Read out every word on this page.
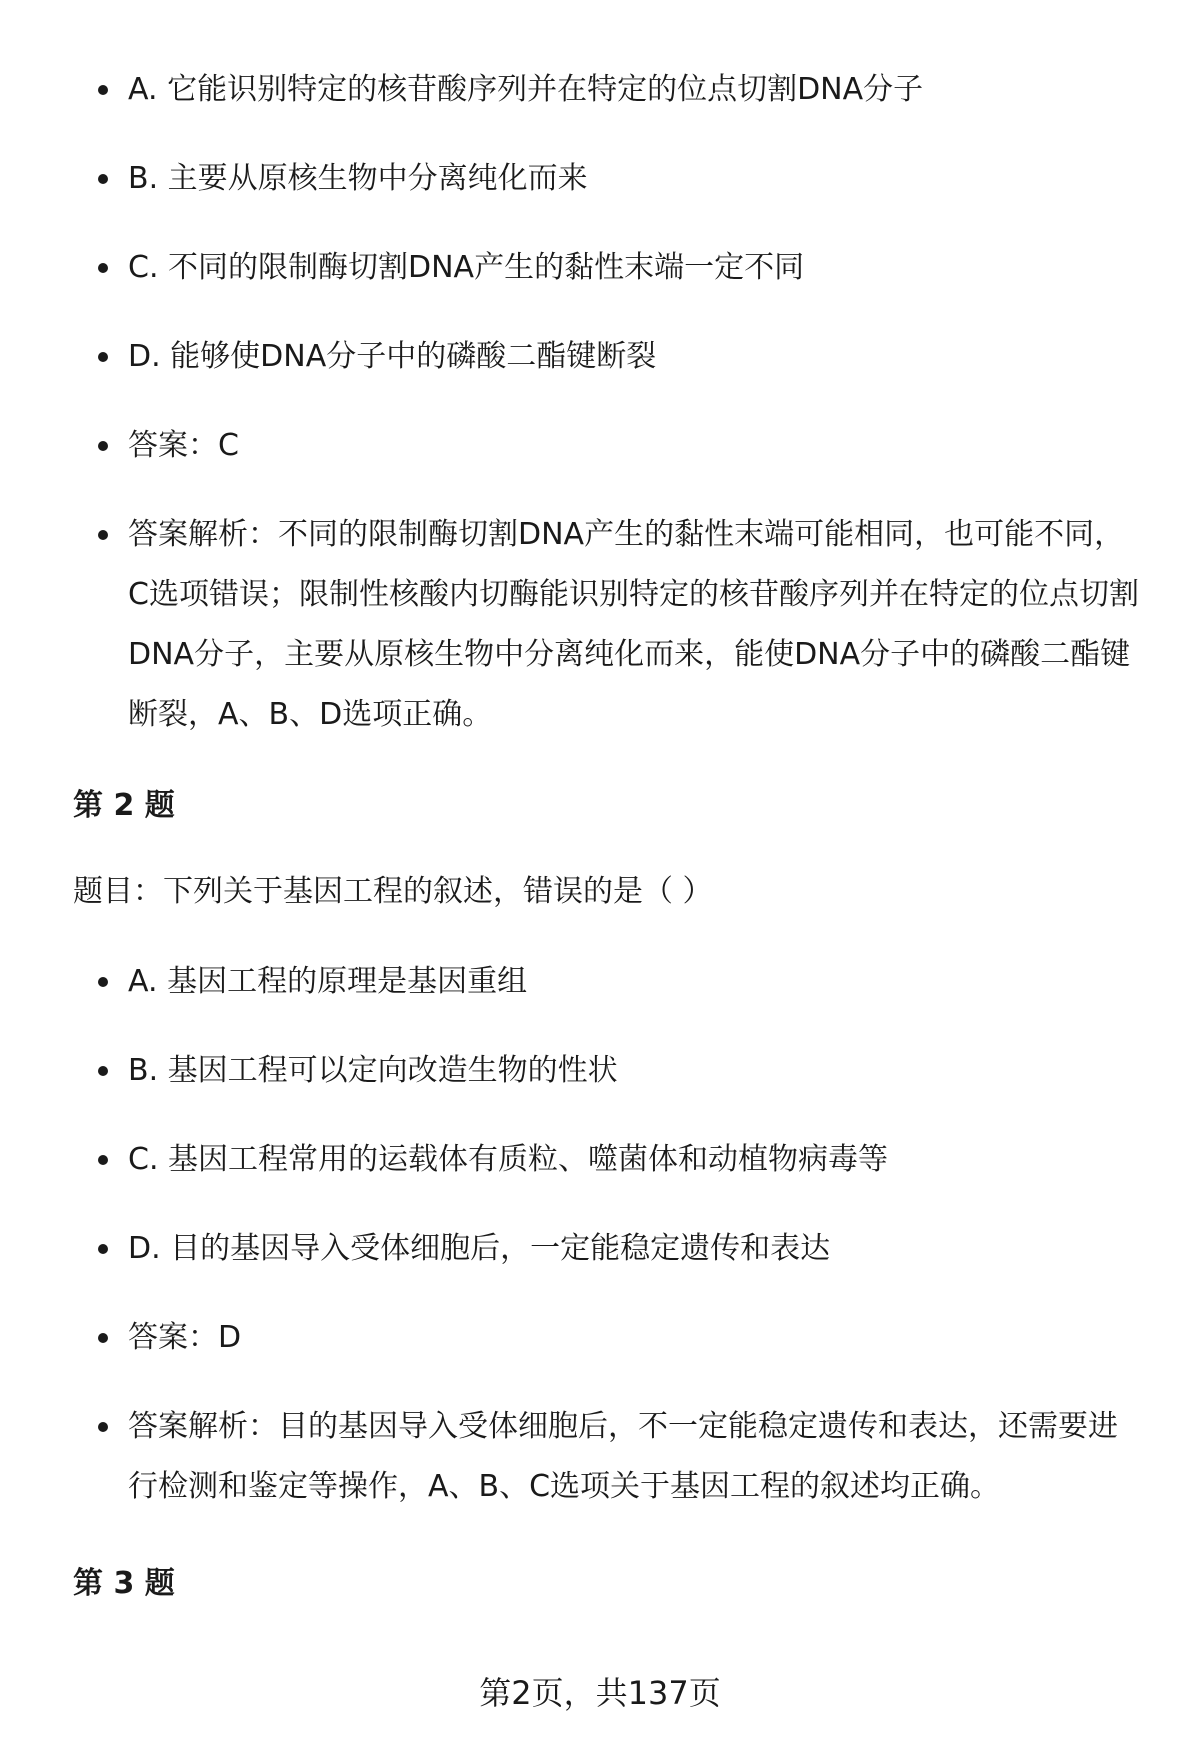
A. 它能识别特定的核苷酸序列并在特定的位点切割DNA分子
B. 主要从原核生物中分离纯化而来
C. 不同的限制酶切割DNA产生的黏性末端一定不同
D. 能够使DNA分子中的磷酸二酯键断裂
答案：C
答案解析：不同的限制酶切割DNA产生的黏性末端可能相同，也可能不同，C选项错误；限制性核酸内切酶能识别特定的核苷酸序列并在特定的位点切割DNA分子，主要从原核生物中分离纯化而来，能使DNA分子中的磷酸二酯键断裂，A、B、D选项正确。
第 2 题
题目：下列关于基因工程的叙述，错误的是（ ）
A. 基因工程的原理是基因重组
B. 基因工程可以定向改造生物的性状
C. 基因工程常用的运载体有质粒、噬菌体和动植物病毒等
D. 目的基因导入受体细胞后，一定能稳定遗传和表达
答案：D
答案解析：目的基因导入受体细胞后，不一定能稳定遗传和表达，还需要进行检测和鉴定等操作，A、B、C选项关于基因工程的叙述均正确。
第 3 题
第2页，共137页
